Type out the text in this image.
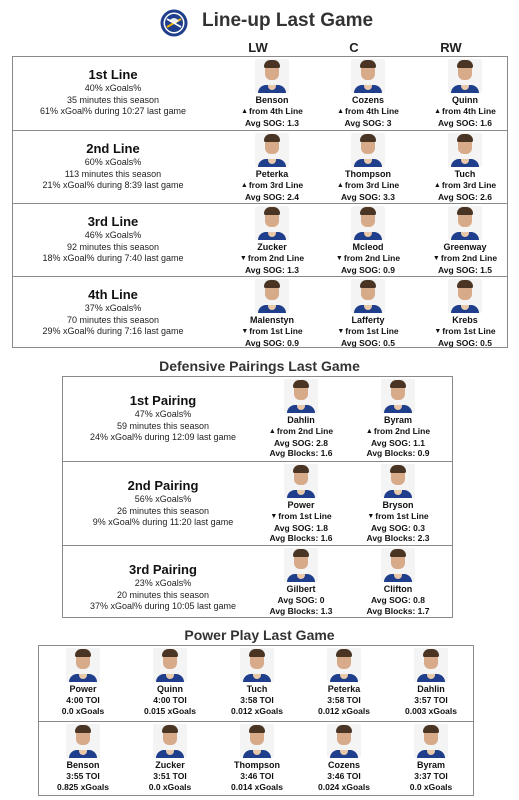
Line-up Last Game
LW	C	RW
1st Line
40% xGoals%
35 minutes this season
61% xGoal% during 10:27 last game
Benson
▲from 4th Line
Avg SOG: 1.3
Cozens
▲from 4th Line
Avg SOG: 3
Quinn
▲from 4th Line
Avg SOG: 1.6
2nd Line
60% xGoals%
113 minutes this season
21% xGoal% during 8:39 last game
Peterka
▲from 3rd Line
Avg SOG: 2.4
Thompson
▲from 3rd Line
Avg SOG: 3.3
Tuch
▲from 3rd Line
Avg SOG: 2.6
3rd Line
46% xGoals%
92 minutes this season
18% xGoal% during 7:40 last game
Zucker
▼from 2nd Line
Avg SOG: 1.3
Mcleod
▼from 2nd Line
Avg SOG: 0.9
Greenway
▼from 2nd Line
Avg SOG: 1.5
4th Line
37% xGoals%
70 minutes this season
29% xGoal% during 7:16 last game
Malenstyn
▼from 1st Line
Avg SOG: 0.9
Lafferty
▼from 1st Line
Avg SOG: 0.5
Krebs
▼from 1st Line
Avg SOG: 0.5
Defensive Pairings Last Game
1st Pairing
47% xGoals%
59 minutes this season
24% xGoal% during 12:09 last game
Dahlin
▲from 2nd Line
Avg SOG: 2.8
Avg Blocks: 1.6
Byram
▲from 2nd Line
Avg SOG: 1.1
Avg Blocks: 0.9
2nd Pairing
56% xGoals%
26 minutes this season
9% xGoal% during 11:20 last game
Power
▼from 1st Line
Avg SOG: 1.8
Avg Blocks: 1.6
Bryson
▼from 1st Line
Avg SOG: 0.3
Avg Blocks: 2.3
3rd Pairing
23% xGoals%
20 minutes this season
37% xGoal% during 10:05 last game
Gilbert
Avg SOG: 0
Avg Blocks: 1.3
Clifton
Avg SOG: 0.8
Avg Blocks: 1.7
Power Play Last Game
Power
4:00 TOI
0.0 xGoals
Quinn
4:00 TOI
0.015 xGoals
Tuch
3:58 TOI
0.012 xGoals
Peterka
3:58 TOI
0.012 xGoals
Dahlin
3:57 TOI
0.003 xGoals
Benson
3:55 TOI
0.825 xGoals
Zucker
3:51 TOI
0.0 xGoals
Thompson
3:46 TOI
0.014 xGoals
Cozens
3:46 TOI
0.024 xGoals
Byram
3:37 TOI
0.0 xGoals
